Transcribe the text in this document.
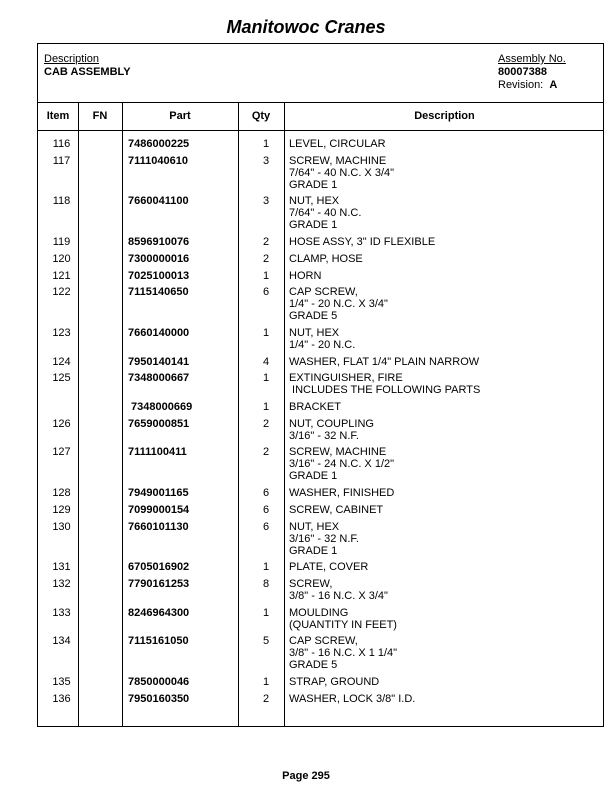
Manitowoc Cranes
Description
CAB ASSEMBLY
Assembly No.
80007388
Revision: A
Item	FN	Part	Qty	Description
116	7486000225	1	LEVEL, CIRCULAR
117	7111040610	3	SCREW, MACHINE
7/64" - 40 N.C. X 3/4"
GRADE 1
118	7660041100	3	NUT, HEX
7/64" - 40 N.C.
GRADE 1
119	8596910076	2	HOSE ASSY, 3" ID FLEXIBLE
120	7300000016	2	CLAMP, HOSE
121	7025100013	1	HORN
122	7115140650	6	CAP SCREW,
1/4" - 20 N.C. X 3/4"
GRADE 5
123	7660140000	1	NUT, HEX
1/4" - 20 N.C.
124	7950140141	4	WASHER, FLAT 1/4" PLAIN NARROW
125	7348000667	1	EXTINGUISHER, FIRE
INCLUDES THE FOLLOWING PARTS
7348000669	1	BRACKET
126	7659000851	2	NUT, COUPLING
3/16" - 32 N.F.
127	7111100411	2	SCREW, MACHINE
3/16" - 24 N.C. X 1/2"
GRADE 1
128	7949001165	6	WASHER, FINISHED
129	7099000154	6	SCREW, CABINET
130	7660101130	6	NUT, HEX
3/16" - 32 N.F.
GRADE 1
131	6705016902	1	PLATE, COVER
132	7790161253	8	SCREW,
3/8" - 16 N.C. X 3/4"
133	8246964300	1	MOULDING
(QUANTITY IN FEET)
134	7115161050	5	CAP SCREW,
3/8" - 16 N.C. X 1 1/4"
GRADE 5
135	7850000046	1	STRAP, GROUND
136	7950160350	2	WASHER, LOCK 3/8" I.D.
Page 295
